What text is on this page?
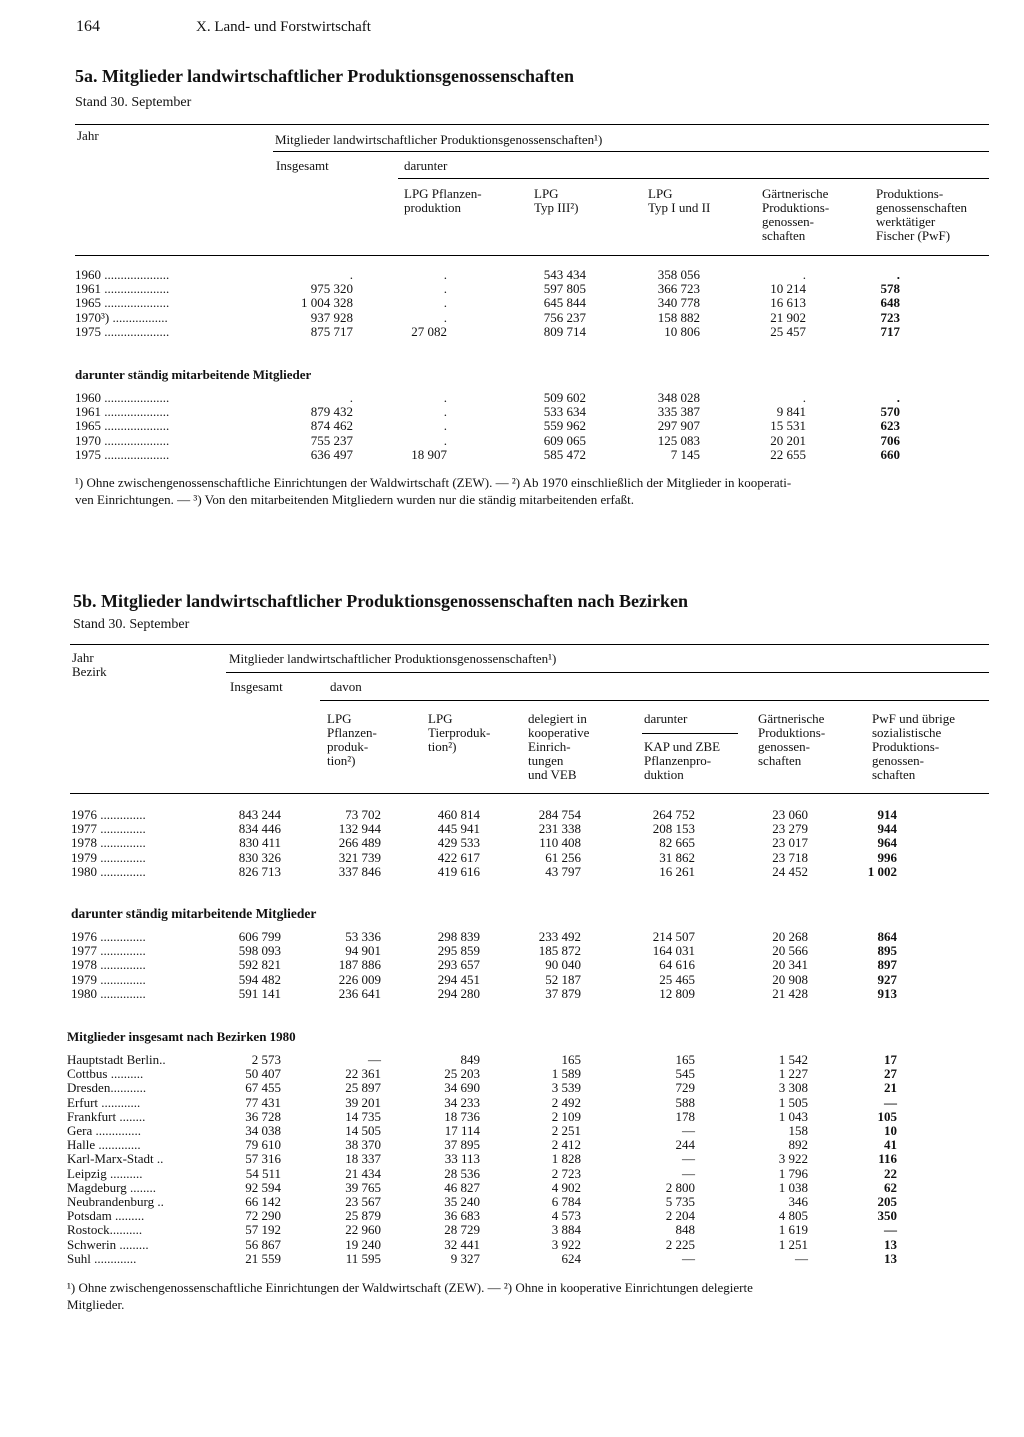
164	X. Land- und Forstwirtschaft
5a. Mitglieder landwirtschaftlicher Produktionsgenossenschaften
Stand 30. September
Jahr	Mitglieder landwirtschaftlicher Produktionsgenossenschaften¹)
Insgesamt	darunter
LPG Pflanzen-
produktion
LPG
Typ III²)
LPG
Typ I und II
Gärtnerische
Produktions-
genossen-
schaften
Produktions-
genossenschaften
werktätiger
Fischer (PwF)
1960 ....................	.	.	543 434	358 056	.	.
1961 ....................	975 320	.	597 805	366 723	10 214	578
1965 ....................	1 004 328	.	645 844	340 778	16 613	648
1970³) .................	937 928	.	756 237	158 882	21 902	723
1975 ....................	875 717	27 082	809 714	10 806	25 457	717
darunter ständig mitarbeitende Mitglieder
1960 ....................	.	.	509 602	348 028	.	.
1961 ....................	879 432	.	533 634	335 387	9 841	570
1965 ....................	874 462	.	559 962	297 907	15 531	623
1970 ....................	755 237	.	609 065	125 083	20 201	706
1975 ....................	636 497	18 907	585 472	7 145	22 655	660
¹) Ohne zwischengenossenschaftliche Einrichtungen der Waldwirtschaft (ZEW). — ²) Ab 1970 einschließlich der Mitglieder in kooperati-
ven Einrichtungen. — ³) Von den mitarbeitenden Mitgliedern wurden nur die ständig mitarbeitenden erfaßt.
5b. Mitglieder landwirtschaftlicher Produktionsgenossenschaften nach Bezirken
Stand 30. September
Jahr
Bezirk
Mitglieder landwirtschaftlicher Produktionsgenossenschaften¹)
Insgesamt	davon
LPG
Pflanzen-
produk-
tion²)
LPG
Tierproduk-
tion²)
delegiert in
kooperative
Einrich-
tungen
und VEB
darunter
KAP und ZBE
Pflanzenpro-
duktion
Gärtnerische
Produktions-
genossen-
schaften
PwF und übrige
sozialistische
Produktions-
genossen-
schaften
1976 ..............	843 244	73 702	460 814	284 754	264 752	23 060	914
1977 ..............	834 446	132 944	445 941	231 338	208 153	23 279	944
1978 ..............	830 411	266 489	429 533	110 408	82 665	23 017	964
1979 ..............	830 326	321 739	422 617	61 256	31 862	23 718	996
1980 ..............	826 713	337 846	419 616	43 797	16 261	24 452	1 002
darunter ständig mitarbeitende Mitglieder
1976 ..............	606 799	53 336	298 839	233 492	214 507	20 268	864
1977 ..............	598 093	94 901	295 859	185 872	164 031	20 566	895
1978 ..............	592 821	187 886	293 657	90 040	64 616	20 341	897
1979 ..............	594 482	226 009	294 451	52 187	25 465	20 908	927
1980 ..............	591 141	236 641	294 280	37 879	12 809	21 428	913
Mitglieder insgesamt nach Bezirken 1980
Hauptstadt Berlin..	2 573	—	849	165	165	1 542	17
Cottbus ..........	50 407	22 361	25 203	1 589	545	1 227	27
Dresden...........	67 455	25 897	34 690	3 539	729	3 308	21
Erfurt ............	77 431	39 201	34 233	2 492	588	1 505	—
Frankfurt ........	36 728	14 735	18 736	2 109	178	1 043	105
Gera ..............	34 038	14 505	17 114	2 251	—	158	10
Halle .............	79 610	38 370	37 895	2 412	244	892	41
Karl-Marx-Stadt ..	57 316	18 337	33 113	1 828	—	3 922	116
Leipzig ..........	54 511	21 434	28 536	2 723	—	1 796	22
Magdeburg ........	92 594	39 765	46 827	4 902	2 800	1 038	62
Neubrandenburg ..	66 142	23 567	35 240	6 784	5 735	346	205
Potsdam .........	72 290	25 879	36 683	4 573	2 204	4 805	350
Rostock..........	57 192	22 960	28 729	3 884	848	1 619	—
Schwerin .........	56 867	19 240	32 441	3 922	2 225	1 251	13
Suhl .............	21 559	11 595	9 327	624	—	—	13
¹) Ohne zwischengenossenschaftliche Einrichtungen der Waldwirtschaft (ZEW). — ²) Ohne in kooperative Einrichtungen delegierte
Mitglieder.
